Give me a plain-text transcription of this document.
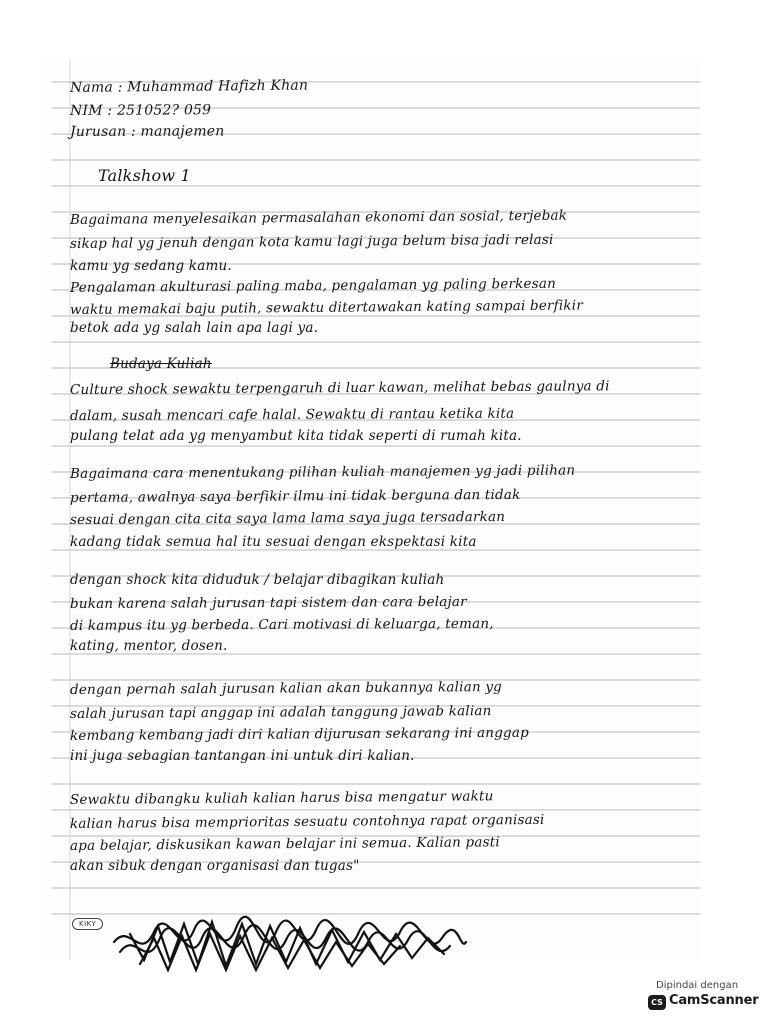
Nama : Muhammad Hafizh Khan
NIM : 251052? 059
Jurusan : manajemen
Talkshow 1
Bagaimana menyelesaikan permasalahan ekonomi dan sosial, terjebak
sikap hal yg jenuh dengan kota kamu lagi juga belum bisa jadi relasi
kamu yg sedang kamu.
Pengalaman akulturasi paling maba, pengalaman yg paling berkesan
waktu memakai baju putih, sewaktu ditertawakan kating sampai berfikir
betok ada yg salah lain apa lagi ya.
Budaya Kuliah
Culture shock sewaktu terpengaruh di luar kawan, melihat bebas gaulnya di
dalam, susah mencari cafe halal. Sewaktu di rantau ketika kita
pulang telat ada yg menyambut kita tidak seperti di rumah kita.
Bagaimana cara menentukang pilihan kuliah manajemen yg jadi pilihan
pertama, awalnya saya berfikir ilmu ini tidak berguna dan tidak
sesuai dengan cita cita saya lama lama saya juga tersadarkan
kadang tidak semua hal itu sesuai dengan ekspektasi kita
dengan shock kita diduduk / belajar dibagikan kuliah
bukan karena salah jurusan tapi sistem dan cara belajar
di kampus itu yg berbeda. Cari motivasi di keluarga, teman,
kating, mentor, dosen.
dengan pernah salah jurusan kalian akan bukannya kalian yg
salah jurusan tapi anggap ini adalah tanggung jawab kalian
kembang kembang jadi diri kalian dijurusan sekarang ini anggap
ini juga sebagian tantangan ini untuk diri kalian.
Sewaktu dibangku kuliah kalian harus bisa mengatur waktu
kalian harus bisa memprioritas sesuatu contohnya rapat organisasi
apa belajar, diskusikan kawan belajar ini semua. Kalian pasti
akan sibuk dengan organisasi dan tugas"
KIKY
Dipindai dengan
CS CamScanner
